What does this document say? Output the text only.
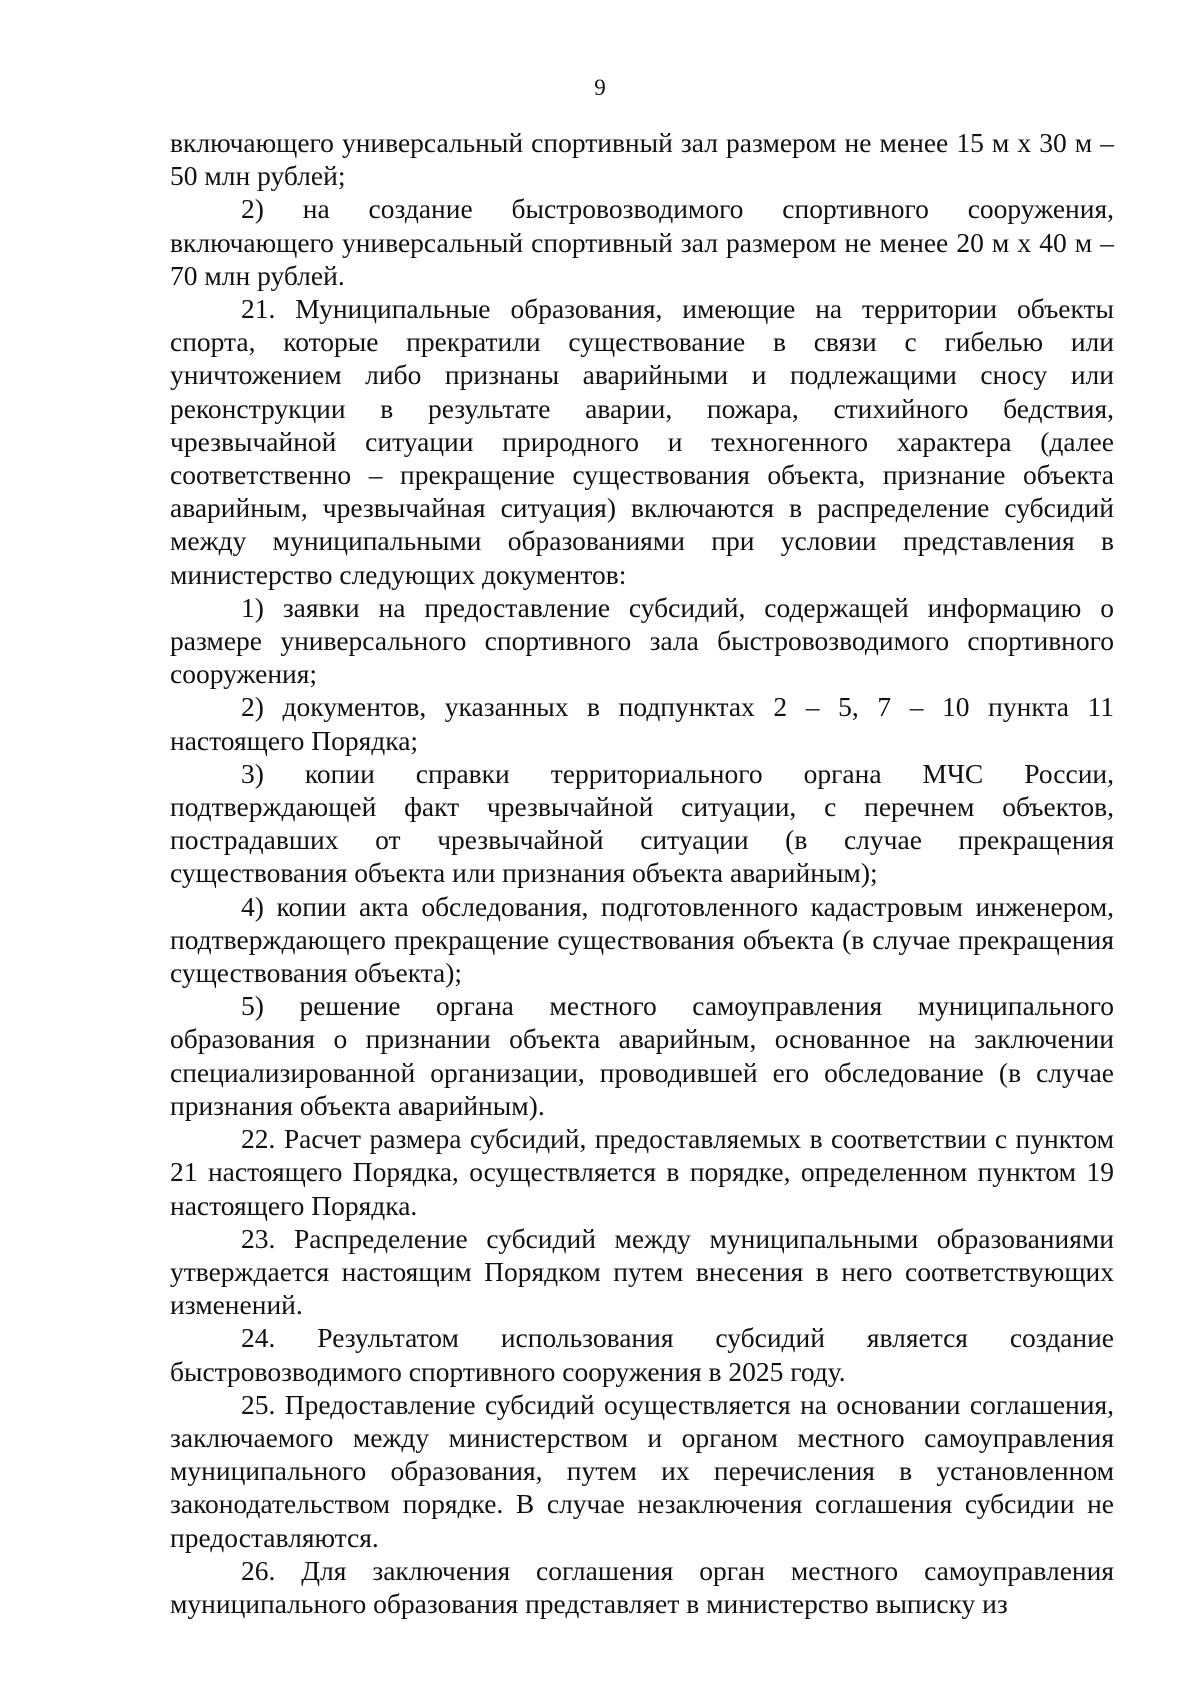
9

включающего универсальный спортивный зал размером не менее 15 м х 30 м – 50 млн рублей;

2) на создание быстровозводимого спортивного сооружения, включающего универсальный спортивный зал размером не менее 20 м х 40 м – 70 млн рублей.

21. Муниципальные образования, имеющие на территории объекты спорта, которые прекратили существование в связи с гибелью или уничтожением либо признаны аварийными и подлежащими сносу или реконструкции в результате аварии, пожара, стихийного бедствия, чрезвычайной ситуации природного и техногенного характера (далее соответственно – прекращение существования объекта, признание объекта аварийным, чрезвычайная ситуация) включаются в распределение субсидий между муниципальными образованиями при условии представления в министерство следующих документов:

1) заявки на предоставление субсидий, содержащей информацию о размере универсального спортивного зала быстровозводимого спортивного сооружения;

2) документов, указанных в подпунктах 2 – 5, 7 – 10 пункта 11 настоящего Порядка;

3) копии справки территориального органа МЧС России, подтверждающей факт чрезвычайной ситуации, с перечнем объектов, пострадавших от чрезвычайной ситуации (в случае прекращения существования объекта или признания объекта аварийным);

4) копии акта обследования, подготовленного кадастровым инженером, подтверждающего прекращение существования объекта (в случае прекращения существования объекта);

5) решение органа местного самоуправления муниципального образования о признании объекта аварийным, основанное на заключении специализированной организации, проводившей его обследование (в случае признания объекта аварийным).

22. Расчет размера субсидий, предоставляемых в соответствии с пунктом 21 настоящего Порядка, осуществляется в порядке, определенном пунктом 19 настоящего Порядка.

23. Распределение субсидий между муниципальными образованиями утверждается настоящим Порядком путем внесения в него соответствующих изменений.

24. Результатом использования субсидий является создание быстровозводимого спортивного сооружения в 2025 году.

25. Предоставление субсидий осуществляется на основании соглашения, заключаемого между министерством и органом местного самоуправления муниципального образования, путем их перечисления в установленном законодательством порядке. В случае незаключения соглашения субсидии не предоставляются.

26. Для заключения соглашения орган местного самоуправления муниципального образования представляет в министерство выписку из
